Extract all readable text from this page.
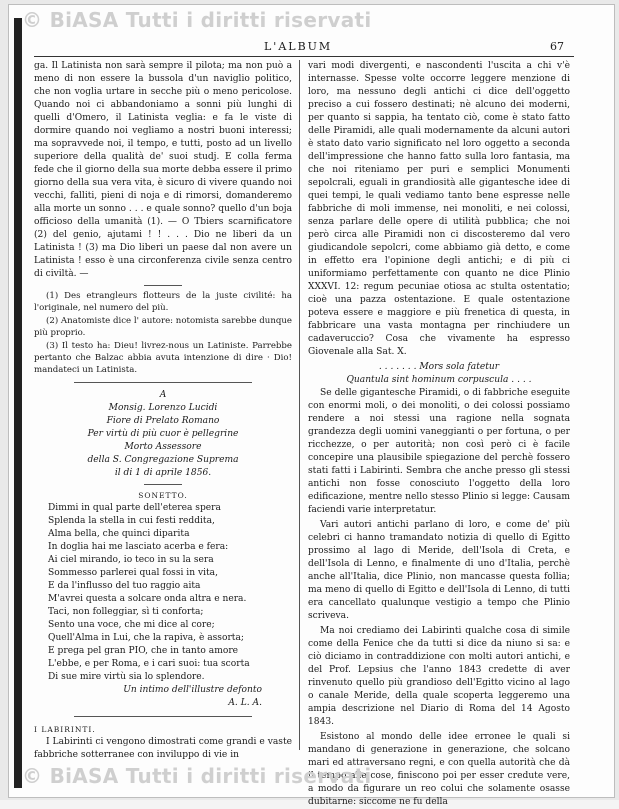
© BiASA Tutti i diritti riservati
L'ALBUM	67

ga. Il Latinista non sarà sempre il pilota; ma non può a meno di non essere la bussola d'un naviglio politico, che non voglia urtare in secche più o meno pericolose. Quando noi ci abbandoniamo a sonni più lunghi di quelli d'Omero, il Latinista veglia: e fa le viste di dormire quando noi vegliamo a nostri buoni interessi; ma sopravvede noi, il tempo, e tutti, posto ad un livello superiore della qualità de' suoi studj. E colla ferma fede che il giorno della sua morte debba essere il primo giorno della sua vera vita, è sicuro di vivere quando noi vecchi, falliti, pieni di noja e di rimorsi, domanderemo alla morte un sonno . . . e quale sonno? quello d'un boja officioso della umanità (1). — O Tbiers scarnificatore (2) del genio, ajutami ! ! . . . Dio ne liberi da un Latinista ! (3) ma Dio liberi un paese dal non avere un Latinista ! esso è una circonferenza civile senza centro di civiltà. —

(1) Des etrangleurs flotteurs de la juste civilité: ha l'originale, nel numero del più.

(2) Anatomiste dice l' autore: notomista sarebbe dunque più proprio.

(3) Il testo ha: Dieu! livrez-nous un Latiniste. Parrebbe pertanto che Balzac abbia avuta intenzione di dire · Dio! mandateci un Latinista.

A
Monsig. Lorenzo Lucidi
Fiore di Prelato Romano
Per virtù di più cuor è pellegrine
Morto Assessore
della S. Congregazione Suprema
il di 1 di aprile 1856.
SONETTO.
Dimmi in qual parte dell'eterea spera
Splenda la stella in cui festi reddita,
Alma bella, che quinci diparita
In doglia hai me lasciato acerba e fera:
Ai ciel mirando, io teco in su la sera
Sommesso parlerei qual fossi in vita,
E da l'influsso del tuo raggio aita
M'avrei questa a solcare onda altra e nera.
Taci, non folleggiar, sì ti conforta;
Sento una voce, che mi dice al core;
Quell'Alma in Lui, che la rapiva, è assorta;
E prega pel gran PIO, che in tanto amore
L'ebbe, e per Roma, e i cari suoi: tua scorta
Di sue mire virtù sia lo splendore.
Un intimo dell'illustre defonto
A. L. A.
I LABIRINTI.

I Labirinti ci vengono dimostrati come grandi e vaste fabbriche sotterranee con inviluppo di vie in

vari modi divergenti, e nascondenti l'uscita a chi v'è internasse. Spesse volte occorre leggere menzione di loro, ma nessuno degli antichi ci dice dell'oggetto preciso a cui fossero destinati; nè alcuno dei moderni, per quanto si sappia, ha tentato ciò, come è stato fatto delle Piramidi, alle quali modernamente da alcuni autori è stato dato vario significato nel loro oggetto a seconda dell'impressione che hanno fatto sulla loro fantasia, ma che noi riteniamo per puri e semplici Monumenti sepolcrali, eguali in grandiosità alle gigantesche idee di quei tempi, le quali vediamo tanto bene espresse nelle fabbriche di moli immense, nei monoliti, e nei colossi, senza parlare delle opere di utilità pubblica; che noi però circa alle Piramidi non ci discosteremo dal vero giudicandole sepolcri, come abbiamo già detto, e come in effetto era l'opinione degli antichi; e di più ci uniformiamo perfettamente con quanto ne dice Plinio XXXVI. 12: regum pecuniae otiosa ac stulta ostentatio; cioè una pazza ostentazione. E quale ostentazione poteva essere e maggiore e più frenetica di questa, in fabbricare una vasta montagna per rinchiudere un cadaveruccio? Cosa che vivamente ha espresso Giovenale alla Sat. X.

. . . . . . . Mors sola fatetur
Quantula sint hominum corpuscula . . . .

Se delle gigantesche Piramidi, o di fabbriche eseguite con enormi moli, o dei monoliti, o dei colossi possiamo rendere a noi stessi una ragione nella sognata grandezza degli uomini vaneggianti o per fortuna, o per ricchezze, o per autorità; non così però ci è facile concepire una plausibile spiegazione del perchè fossero stati fatti i Labirinti. Sembra che anche presso gli stessi antichi non fosse conosciuto l'oggetto della loro edificazione, mentre nello stesso Plinio si legge: Causam faciendi varie interpretatur.

Vari autori antichi parlano di loro, e come de' più celebri ci hanno tramandato notizia di quello di Egitto prossimo al lago di Meride, dell'Isola di Creta, e dell'Isola di Lenno, e finalmente di uno d'Italia, perchè anche all'Italia, dice Plinio, non mancasse questa follia; ma meno di quello di Egitto e dell'Isola di Lenno, di tutti era cancellato qualunque vestigio a tempo che Plinio scriveva.

Ma noi crediamo dei Labirinti qualche cosa di simile come della Fenice che da tutti si dice da niuno si sa: e ciò diciamo in contraddizione con molti autori antichi, e del Prof. Lepsius che l'anno 1843 credette di aver rinvenuto quello più grandioso dell'Egitto vicino al lago o canale Meride, della quale scoperta leggeremo una ampia descrizione nel Diario di Roma del 14 Agosto 1843.

Esistono al mondo delle idee erronee le quali si mandano di generazione in generazione, che solcano mari ed attraversano regni, e con quella autorità che dà il tempo alle cose, finiscono poi per esser credute vere, a modo da figurare un reo colui che solamente osasse dubitarne: siccome ne fu della

© BiASA Tutti i diritti riservati
